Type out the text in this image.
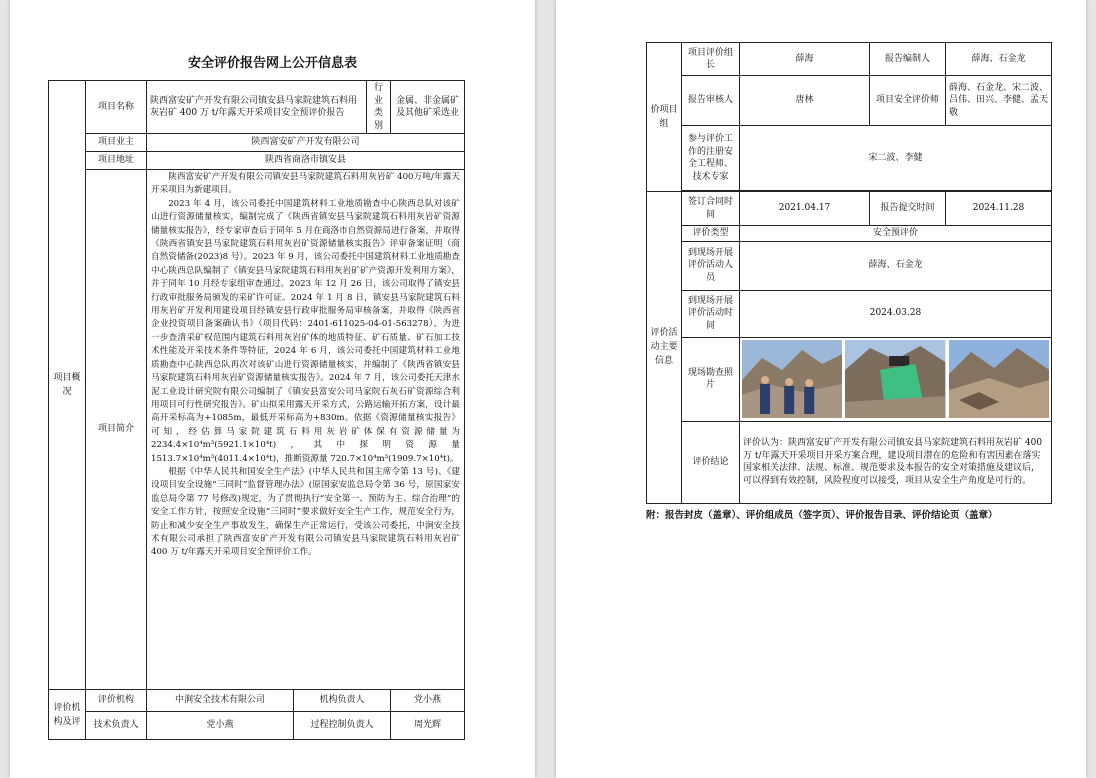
安全评价报告网上公开信息表
项目概况	项目名称	陕西富安矿产开发有限公司镇安县马家院建筑石料用灰岩矿 400 万 t/年露天开采项目安全预评价报告		行业类别	金属、非金属矿及其他矿采选业
	项目业主	陕西富安矿产开发有限公司			
	项目地址	陕西省商洛市镇安县			
	项目简介	陕西富安矿产开发有限公司镇安县马家院建筑石料用灰岩矿 400万吨/年露天开采项目为新建项目。

2023 年 4 月，该公司委托中国建筑材料工业地质勘查中心陕西总队对该矿山进行资源储量核实，编制完成了《陕西省镇安县马家院建筑石料用灰岩矿资源储量核实报告》，经专家审查后于同年 5 月在商洛市自然资源局进行备案，并取得《陕西省镇安县马家院建筑石料用灰岩矿资源储量核实报告》评审备案证明（商自然资储备(2023)8 号）。2023 年 9 月，该公司委托中国建筑材料工业地质勘查中心陕西总队编制了《镇安县马家院建筑石料用灰岩矿矿产资源开发利用方案》，并于同年 10 月经专家组审查通过。2023 年 12 月 26 日，该公司取得了镇安县行政审批服务局颁发的采矿许可证。2024 年 1 月 8 日，镇安县马家院建筑石料用灰岩矿开发利用建设项目经镇安县行政审批服务局审核备案，并取得《陕西省企业投资项目备案确认书》（项目代码：2401-611025-04-01-563278）。为进一步查清采矿权范围内建筑石料用灰岩矿体的地质特征、矿石质量、矿石加工技术性能及开采技术条件等特征，2024 年 6 月，该公司委托中国建筑材料工业地质勘查中心陕西总队再次对该矿山进行资源储量核实，并编制了《陕西省镇安县马家院建筑石料用灰岩矿资源储量核实报告》。2024 年 7 月，该公司委托天津水泥工业设计研究院有限公司编制了《镇安县富安公司马家院石灰石矿资源综合利用项目可行性研究报告》。矿山拟采用露天开采方式，公路运输开拓方案，设计最高开采标高为+1085m，最低开采标高为+830m。依据《资源储量核实报告》可知，经估算马家院建筑石料用灰岩矿体保有资源储量为 2234.4×10⁴m³(5921.1×10⁴t)，其中探明资源量 1513.7×10⁴m³(4011.4×10⁴t)，推断资源量 720.7×10⁴m³(1909.7×10⁴t)。

根据《中华人民共和国安全生产法》(中华人民共和国主席令第 13 号)、《建设项目安全设施“三同时”监督管理办法》(原国家安监总局令第 36 号，原国家安监总局令第 77 号修改)规定，为了贯彻执行“安全第一、预防为主、综合治理”的安全工作方针，按照安全设施“三同时”要求做好安全生产工作，规范安全行为，防止和减少安全生产事故发生，确保生产正常运行，受该公司委托，中涧安全技术有限公司承担了陕西富安矿产开发有限公司镇安县马家院建筑石料用灰岩矿 400 万 t/年露天开采项目安全预评价工作。			

评价机构及评	评价机构	中涧安全技术有限公司	机构负责人		党小燕
	技术负责人	党小燕	过程控制负责人		周光辉
价项目组	项目评价组长	薛海	报告编制人	薛海、石金龙
	报告审核人	唐林	项目安全评价师	薛海、石金龙、宋二波、吕伟、田兴、李健、孟天敬
	参与评价工作的注册安全工程师、技术专家	宋二波、李健		

评价活动主要信息	签订合同时间	2021.04.17	报告提交时间	2024.11.28
	评价类型	安全预评价		
	到现场开展评价活动人员	薛海、石金龙		
	到现场开展评价活动时间	2024.03.28		
	现场勘查照片	

	评价结论	评价认为：陕西富安矿产开发有限公司镇安县马家院建筑石料用灰岩矿 400 万 t/年露天开采项目开采方案合理，建设项目潜在的危险和有害因素在落实国家相关法律、法规、标准、规范要求及本报告的安全对策措施及建议后，可以得到有效控制，风险程度可以接受，项目从安全生产角度是可行的。		
附：报告封皮（盖章）、评价组成员（签字页）、评价报告目录、评价结论页（盖章）
